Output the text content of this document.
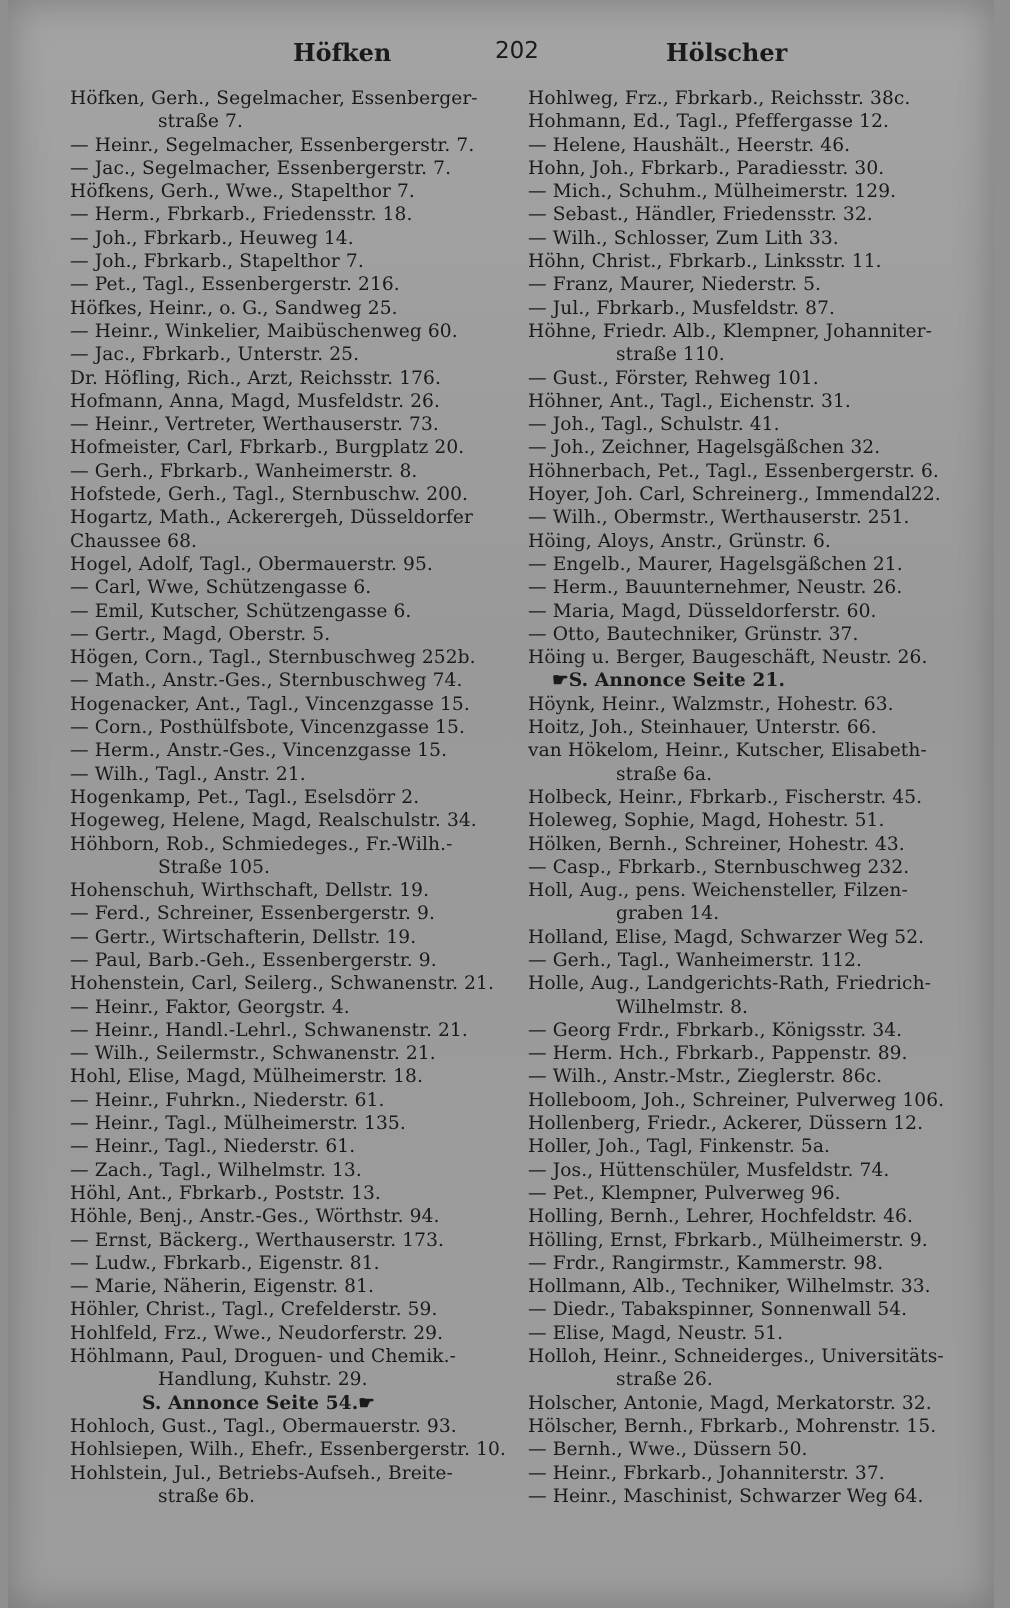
Höfken	202	Hölscher
Höfken, Gerh., Segelmacher, Essenberger-
straße 7.
— Heinr., Segelmacher, Essenbergerstr. 7.
— Jac., Segelmacher, Essenbergerstr. 7.
Höfkens, Gerh., Wwe., Stapelthor 7.
— Herm., Fbrkarb., Friedensstr. 18.
— Joh., Fbrkarb., Heuweg 14.
— Joh., Fbrkarb., Stapelthor 7.
— Pet., Tagl., Essenbergerstr. 216.
Höfkes, Heinr., o. G., Sandweg 25.
— Heinr., Winkelier, Maibüschenweg 60.
— Jac., Fbrkarb., Unterstr. 25.
Dr. Höfling, Rich., Arzt, Reichsstr. 176.
Hofmann, Anna, Magd, Musfeldstr. 26.
— Heinr., Vertreter, Werthauserstr. 73.
Hofmeister, Carl, Fbrkarb., Burgplatz 20.
— Gerh., Fbrkarb., Wanheimerstr. 8.
Hofstede, Gerh., Tagl., Sternbuschw. 200.
Hogartz, Math., Ackerergeh, Düsseldorfer
Chaussee 68.
Hogel, Adolf, Tagl., Obermauerstr. 95.
— Carl, Wwe, Schützengasse 6.
— Emil, Kutscher, Schützengasse 6.
— Gertr., Magd, Oberstr. 5.
Högen, Corn., Tagl., Sternbuschweg 252b.
— Math., Anstr.-Ges., Sternbuschweg 74.
Hogenacker, Ant., Tagl., Vincenzgasse 15.
— Corn., Posthülfsbote, Vincenzgasse 15.
— Herm., Anstr.-Ges., Vincenzgasse 15.
— Wilh., Tagl., Anstr. 21.
Hogenkamp, Pet., Tagl., Eselsdörr 2.
Hogeweg, Helene, Magd, Realschulstr. 34.
Höhborn, Rob., Schmiedeges., Fr.-Wilh.-
Straße 105.
Hohenschuh, Wirthschaft, Dellstr. 19.
— Ferd., Schreiner, Essenbergerstr. 9.
— Gertr., Wirtschafterin, Dellstr. 19.
— Paul, Barb.-Geh., Essenbergerstr. 9.
Hohenstein, Carl, Seilerg., Schwanenstr. 21.
— Heinr., Faktor, Georgstr. 4.
— Heinr., Handl.-Lehrl., Schwanenstr. 21.
— Wilh., Seilermstr., Schwanenstr. 21.
Hohl, Elise, Magd, Mülheimerstr. 18.
— Heinr., Fuhrkn., Niederstr. 61.
— Heinr., Tagl., Mülheimerstr. 135.
— Heinr., Tagl., Niederstr. 61.
— Zach., Tagl., Wilhelmstr. 13.
Höhl, Ant., Fbrkarb., Poststr. 13.
Höhle, Benj., Anstr.-Ges., Wörthstr. 94.
— Ernst, Bäckerg., Werthauserstr. 173.
— Ludw., Fbrkarb., Eigenstr. 81.
— Marie, Näherin, Eigenstr. 81.
Höhler, Christ., Tagl., Crefelderstr. 59.
Hohlfeld, Frz., Wwe., Neudorferstr. 29.
Höhlmann, Paul, Droguen- und Chemik.-
Handlung, Kuhstr. 29.
S. Annonce Seite 54.☛
Hohloch, Gust., Tagl., Obermauerstr. 93.
Hohlsiepen, Wilh., Ehefr., Essenbergerstr. 10.
Hohlstein, Jul., Betriebs-Aufseh., Breite-
straße 6b.
Hohlweg, Frz., Fbrkarb., Reichsstr. 38c.
Hohmann, Ed., Tagl., Pfeffergasse 12.
— Helene, Haushält., Heerstr. 46.
Hohn, Joh., Fbrkarb., Paradiesstr. 30.
— Mich., Schuhm., Mülheimerstr. 129.
— Sebast., Händler, Friedensstr. 32.
— Wilh., Schlosser, Zum Lith 33.
Höhn, Christ., Fbrkarb., Linksstr. 11.
— Franz, Maurer, Niederstr. 5.
— Jul., Fbrkarb., Musfeldstr. 87.
Höhne, Friedr. Alb., Klempner, Johanniter-
straße 110.
— Gust., Förster, Rehweg 101.
Höhner, Ant., Tagl., Eichenstr. 31.
— Joh., Tagl., Schulstr. 41.
— Joh., Zeichner, Hagelsgäßchen 32.
Höhnerbach, Pet., Tagl., Essenbergerstr. 6.
Hoyer, Joh. Carl, Schreinerg., Immendal22.
— Wilh., Obermstr., Werthauserstr. 251.
Höing, Aloys, Anstr., Grünstr. 6.
— Engelb., Maurer, Hagelsgäßchen 21.
— Herm., Bauunternehmer, Neustr. 26.
— Maria, Magd, Düsseldorferstr. 60.
— Otto, Bautechniker, Grünstr. 37.
Höing u. Berger, Baugeschäft, Neustr. 26.
☛S. Annonce Seite 21.
Höynk, Heinr., Walzmstr., Hohestr. 63.
Hoitz, Joh., Steinhauer, Unterstr. 66.
van Hökelom, Heinr., Kutscher, Elisabeth-
straße 6a.
Holbeck, Heinr., Fbrkarb., Fischerstr. 45.
Holeweg, Sophie, Magd, Hohestr. 51.
Hölken, Bernh., Schreiner, Hohestr. 43.
— Casp., Fbrkarb., Sternbuschweg 232.
Holl, Aug., pens. Weichensteller, Filzen-
graben 14.
Holland, Elise, Magd, Schwarzer Weg 52.
— Gerh., Tagl., Wanheimerstr. 112.
Holle, Aug., Landgerichts-Rath, Friedrich-
Wilhelmstr. 8.
— Georg Frdr., Fbrkarb., Königsstr. 34.
— Herm. Hch., Fbrkarb., Pappenstr. 89.
— Wilh., Anstr.-Mstr., Zieglerstr. 86c.
Holleboom, Joh., Schreiner, Pulverweg 106.
Hollenberg, Friedr., Ackerer, Düssern 12.
Holler, Joh., Tagl, Finkenstr. 5a.
— Jos., Hüttenschüler, Musfeldstr. 74.
— Pet., Klempner, Pulverweg 96.
Holling, Bernh., Lehrer, Hochfeldstr. 46.
Hölling, Ernst, Fbrkarb., Mülheimerstr. 9.
— Frdr., Rangirmstr., Kammerstr. 98.
Hollmann, Alb., Techniker, Wilhelmstr. 33.
— Diedr., Tabakspinner, Sonnenwall 54.
— Elise, Magd, Neustr. 51.
Holloh, Heinr., Schneiderges., Universitäts-
straße 26.
Holscher, Antonie, Magd, Merkatorstr. 32.
Hölscher, Bernh., Fbrkarb., Mohrenstr. 15.
— Bernh., Wwe., Düssern 50.
— Heinr., Fbrkarb., Johanniterstr. 37.
— Heinr., Maschinist, Schwarzer Weg 64.
